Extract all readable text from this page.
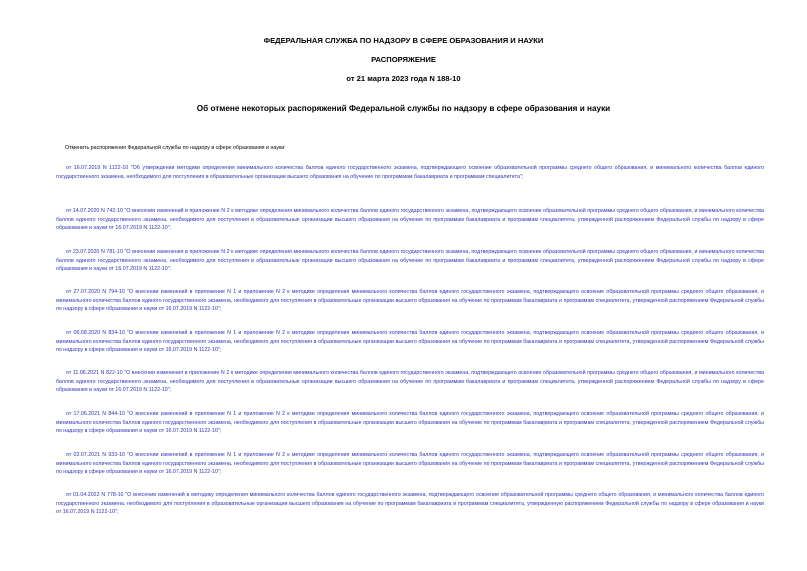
ФЕДЕРАЛЬНАЯ СЛУЖБА ПО НАДЗОРУ В СФЕРЕ ОБРАЗОВАНИЯ И НАУКИ

РАСПОРЯЖЕНИЕ

от 21 марта 2023 года N 188-10

Об отмене некоторых распоряжений Федеральной службы по надзору в сфере образования и науки

Отменить распоряжения Федеральной службы по надзору в сфере образования и науки:

от 16.07.2019 N 1122-10 "Об утверждении методики определения минимального количества баллов единого государственного экзамена, подтверждающего освоение образовательной программы среднего общего образования, и минимального количества баллов единого государственного экзамена, необходимого для поступления в образовательные организации высшего образования на обучение по программам бакалавриата и программам специалитета";

от 14.07.2020 N 742-10 "О внесении изменений в приложение N 2 к методике определения минимального количества баллов единого государственного экзамена, подтверждающего освоение образовательной программы среднего общего образования, и минимального количества баллов единого государственного экзамена, необходимого для поступления в образовательные организации высшего образования на обучение по программам бакалавриата и программам специалитета, утвержденной распоряжением Федеральной службы по надзору в сфере образования и науки от 16.07.2019 N 1122-10";

от 23.07.2020 N 781-10 "О внесении изменения в приложение N 2 к методике определения минимального количества баллов единого государственного экзамена, подтверждающего освоение образовательной программы среднего общего образования, и минимального количества баллов единого государственного экзамена, необходимого для поступления в образовательные организации высшего образования на обучение по программам бакалавриата и программам специалитета, утвержденной распоряжением Федеральной службы по надзору в сфере образования и науки от 16.07.2019 N 1122-10";

от 27.07.2020 N 794-10 "О внесении изменений в приложение N 1 и приложение N 2 к методике определения минимального количества баллов единого государственного экзамена, подтверждающего освоение образовательной программы среднего общего образования, и минимального количества баллов единого государственного экзамена, необходимого для поступления в образовательные организации высшего образования на обучение по программам бакалавриата и программам специалитета, утвержденной распоряжением Федеральной службы по надзору в сфере образования и науки от 16.07.2019 N 1122-10";

от 06.08.2020 N 834-10 "О внесении изменений в приложение N 1 и приложение N 2 к методике определения минимального количества баллов единого государственного экзамена, подтверждающего освоение образовательной программы среднего общего образования, и минимального количества баллов единого государственного экзамена, необходимого для поступления в образовательные организации высшего образования на обучение по программам бакалавриата и программам специалитета, утвержденной распоряжением Федеральной службы по надзору в сфере образования и науки от 16.07.2019 N 1122-10";

от 11.06.2021 N 822-10 "О внесении изменения в приложение N 2 к методике определения минимального количества баллов единого государственного экзамена, подтверждающего освоение образовательной программы среднего общего образования, и минимального количества баллов единого государственного экзамена, необходимого для поступления в образовательные организации высшего образования на обучение по программам бакалавриата и программам специалитета, утвержденной распоряжением Федеральной службы по надзору в сфере образования и науки от 16.07.2019 N 1122-10";

от 17.06.2021 N 844-10 "О внесении изменений в приложение N 1 и приложение N 2 к методике определения минимального количества баллов единого государственного экзамена, подтверждающего освоение образовательной программы среднего общего образования, и минимального количества баллов единого государственного экзамена, необходимого для поступления в образовательные организации высшего образования на обучение по программам бакалавриата и программам специалитета, утвержденной распоряжением Федеральной службы по надзору в сфере образования и науки от 16.07.2019 N 1122-10";

от 02.07.2021 N 933-10 "О внесении изменений в приложение N 1 и приложение N 2 к методике определения минимального количества баллов единого государственного экзамена, подтверждающего освоение образовательной программы среднего общего образования, и минимального количества баллов единого государственного экзамена, необходимого для поступления в образовательные организации высшего образования на обучение по программам бакалавриата и программам специалитета, утвержденной распоряжением Федеральной службы по надзору в сфере образования и науки от 16.07.2019 N 1122-10";

от 01.04.2022 N 778-10 "О внесении изменений в методику определения минимального количества баллов единого государственного экзамена, подтверждающего освоение образовательной программы среднего общего образования, и минимального количества баллов единого государственного экзамена, необходимого для поступления в образовательные организации высшего образования на обучение по программам бакалавриата и программам специалитета, утвержденную распоряжением Федеральной службы по надзору в сфере образования и науки от 16.07.2019 N 1122-10";
